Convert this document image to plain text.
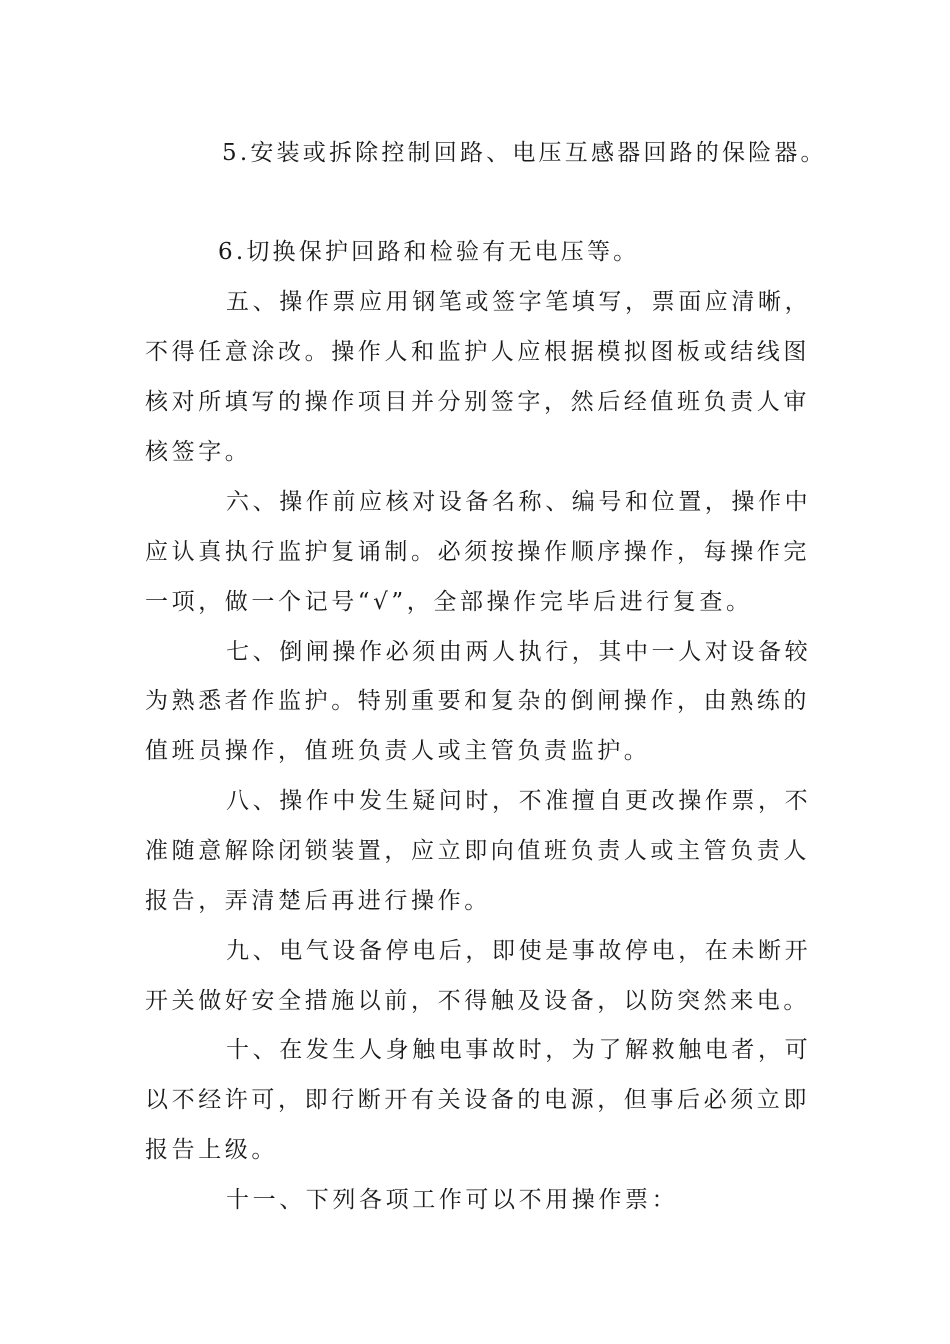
5.安装或拆除控制回路、电压互感器回路的保险器。
6.切换保护回路和检验有无电压等。
五、操作票应用钢笔或签字笔填写，票面应清晰，
不得任意涂改。操作人和监护人应根据模拟图板或结线图
核对所填写的操作项目并分别签字，然后经值班负责人审
核签字。
六、操作前应核对设备名称、编号和位置，操作中
应认真执行监护复诵制。必须按操作顺序操作，每操作完
一项，做一个记号“√”，全部操作完毕后进行复查。
七、倒闸操作必须由两人执行，其中一人对设备较
为熟悉者作监护。特别重要和复杂的倒闸操作，由熟练的
值班员操作，值班负责人或主管负责监护。
八、操作中发生疑问时，不准擅自更改操作票，不
准随意解除闭锁装置，应立即向值班负责人或主管负责人
报告，弄清楚后再进行操作。
九、电气设备停电后，即使是事故停电，在未断开
开关做好安全措施以前，不得触及设备，以防突然来电。
十、在发生人身触电事故时，为了解救触电者，可
以不经许可，即行断开有关设备的电源，但事后必须立即
报告上级。
十一、下列各项工作可以不用操作票：
